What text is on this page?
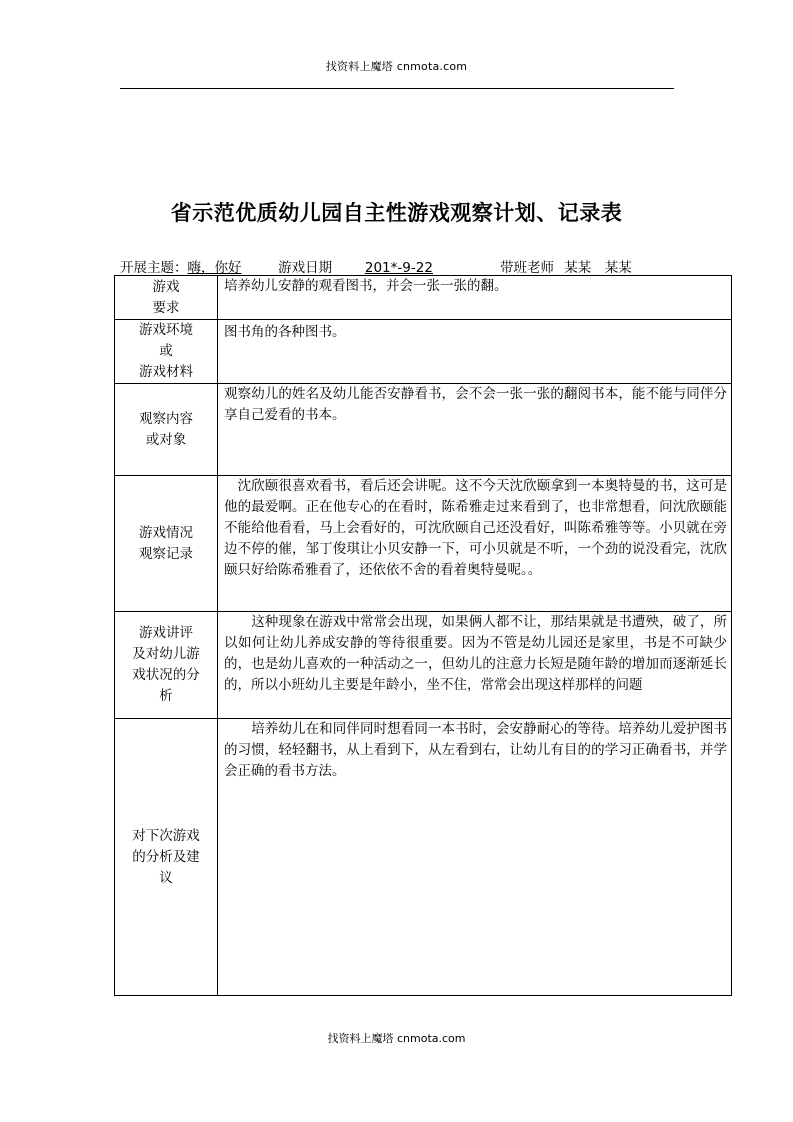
找资料上魔塔 cnmota.com
省示范优质幼儿园自主性游戏观察计划、记录表
开展主题：嗨，你好	游戏日期 201*-9-22	带班老师 某某　某某
游戏
要求	培养幼儿安静的观看图书，并会一张一张的翻。

游戏环境
或
游戏材料	图书角的各种图书。

观察内容
或对象	观察幼儿的姓名及幼儿能否安静看书，会不会一张一张的翻阅书本，能不能与同伴分享自己爱看的书本。

游戏情况
观察记录	　沈欣颐很喜欢看书，看后还会讲呢。这不今天沈欣颐拿到一本奥特曼的书，这可是他的最爱啊。正在他专心的在看时，陈希雅走过来看到了，也非常想看，问沈欣颐能不能给他看看，马上会看好的，可沈欣颐自己还没看好，叫陈希雅等等。小贝就在旁边不停的催，邹丁俊琪让小贝安静一下，可小贝就是不听，一个劲的说没看完，沈欣颐只好给陈希雅看了，还依依不舍的看着奥特曼呢。。

游戏讲评
及对幼儿游
戏状况的分
析	　　这种现象在游戏中常常会出现，如果俩人都不让，那结果就是书遭殃，破了，所以如何让幼儿养成安静的等待很重要。因为不管是幼儿园还是家里，书是不可缺少的，也是幼儿喜欢的一种活动之一，但幼儿的注意力长短是随年龄的增加而逐渐延长的，所以小班幼儿主要是年龄小，坐不住，常常会出现这样那样的问题

对下次游戏
的分析及建
议	　　培养幼儿在和同伴同时想看同一本书时，会安静耐心的等待。培养幼儿爱护图书的习惯，轻轻翻书，从上看到下，从左看到右，让幼儿有目的的学习正确看书，并学会正确的看书方法。
找资料上魔塔 cnmota.com
